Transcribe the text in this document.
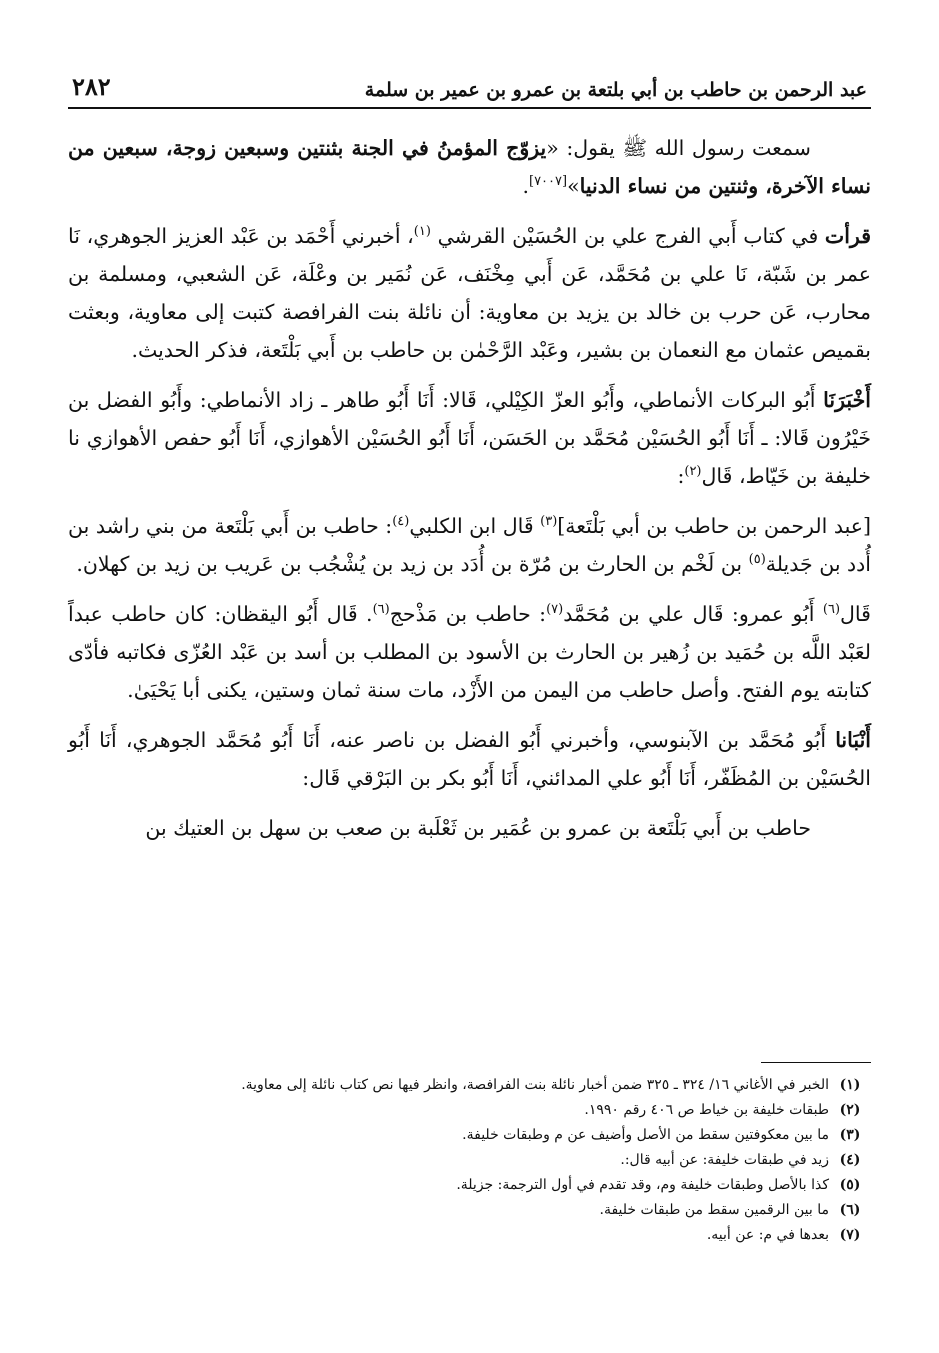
عبد الرحمن بن حاطب بن أبي بلتعة بن عمرو بن عمير بن سلمة
٢٨٢

سمعت رسول الله ﷺ يقول: «يزوّج المؤمنُ في الجنة بثنتين وسبعين زوجة، سبعين من نساء الآخرة، وثنتين من نساء الدنيا»[٧٠٠٧].

قرأت في كتاب أَبي الفرج علي بن الحُسَيْن القرشي $^{(١)}$، أخبرني أَحْمَد بن عَبْد العزيز الجوهري، نَا عمر بن شَبّة، نَا علي بن مُحَمَّد، عَن أَبي مِخْنَف، عَن نُمَير بن وعْلَة، عَن الشعبي، ومسلمة بن محارب، عَن حرب بن خالد بن يزيد بن معاوية: أن نائلة بنت الفرافصة كتبت إلى معاوية، وبعثت بقميص عثمان مع النعمان بن بشير، وعَبْد الرَّحْمٰن بن حاطب بن أَبي بَلْتَعة، فذكر الحديث.

أَخْبَرَنَا أَبُو البركات الأنماطي، وأَبُو العزّ الكِيْلي، قَالا: أَنَا أَبُو طاهر ـ زاد الأنماطي: وأَبُو الفضل بن خَيْرُون قَالا: ـ أَنَا أَبُو الحُسَيْن مُحَمَّد بن الحَسَن، أَنَا أَبُو الحُسَيْن الأهوازي، أَنَا أَبُو حفص الأهوازي نا خليفة بن خَيّاط، قَال$^{(٢)}$:

[عبد الرحمن بن حاطب بن أبي بَلْتَعة]$^{(٣)}$ قَال ابن الكلبي$^{(٤)}$: حاطب بن أَبي بَلْتَعة من بني راشد بن أُدد بن جَديلة$^{(٥)}$ بن لَخْم بن الحارث بن مُرّة بن أُدَد بن زيد بن يُشْجُب بن عَريب بن زيد بن كهلان.

قَال$^{(٦)}$ أَبُو عمرو: قَال علي بن مُحَمَّد$^{(٧)}$: حاطب بن مَذْحج$^{(٦)}$. قَال أَبُو اليقظان: كان حاطب عبداً لعَبْد اللَّه بن حُمَيد بن زُهير بن الحارث بن الأسود بن المطلب بن أسد بن عَبْد العُزّى فكاتبه فأدّى كتابته يوم الفتح. وأصل حاطب من اليمن من الأَزْد، مات سنة ثمان وستين، يكنى أبا يَحْيَىٰ.

أَنْبَانا أَبُو مُحَمَّد بن الآبنوسي، وأخبرني أَبُو الفضل بن ناصر عنه، أَنَا أَبُو مُحَمَّد الجوهري، أَنَا أَبُو الحُسَيْن بن المُظَفّر، أَنَا أَبُو علي المدائني، أَنَا أَبُو بكر بن البَرْقي قَال:

حاطب بن أَبي بَلْتَعة بن عمرو بن عُمَير بن ثَعْلَبة بن صعب بن سهل بن العتيك بن

(١)
الخبر في الأغاني ١٦/ ٣٢٤ ـ ٣٢٥ ضمن أخبار نائلة بنت الفرافصة، وانظر فيها نص كتاب نائلة إلى معاوية.
(٢)
طبقات خليفة بن خياط ص ٤٠٦ رقم ١٩٩٠.
(٣)
ما بين معكوفتين سقط من الأصل وأضيف عن م وطبقات خليفة.
(٤)
زيد في طبقات خليفة: عن أبيه قال:.
(٥)
كذا بالأصل وطبقات خليفة وم، وقد تقدم في أول الترجمة: جزيلة.
(٦)
ما بين الرقمين سقط من طبقات خليفة.
(٧)
بعدها في م: عن أبيه.
